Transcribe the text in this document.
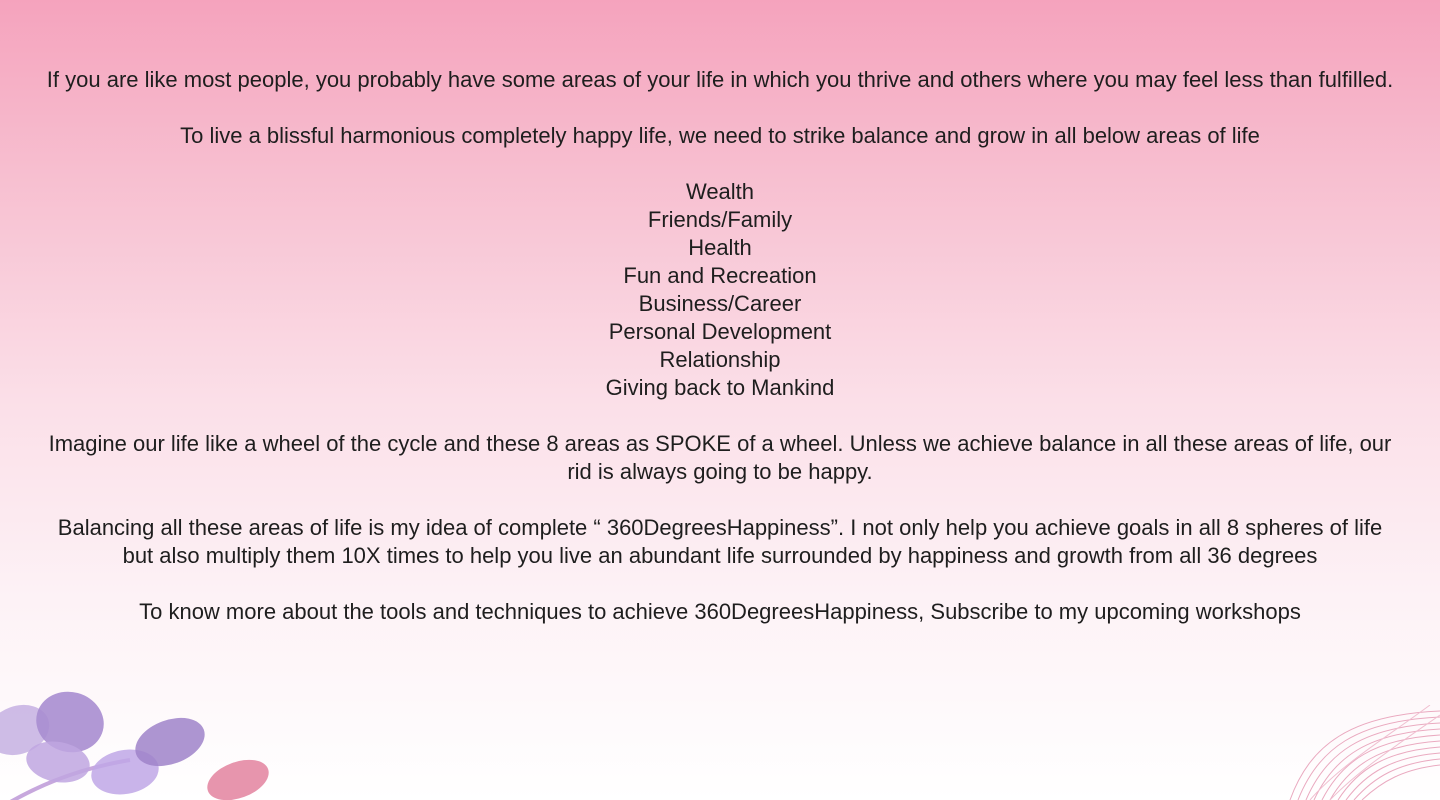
If you are like most people, you probably have some areas of your life in which you thrive and others where you may feel less than fulfilled.

To live a blissful harmonious completely happy life, we need to strike balance and grow in all below areas of life

Wealth
Friends/Family
Health
Fun and Recreation
Business/Career
Personal Development
Relationship
Giving back to Mankind

Imagine our life like a wheel of the cycle and these 8 areas as SPOKE of a wheel. Unless we achieve balance in all these areas of life, our rid is always going to be happy.

Balancing all these areas of life is my idea of complete “ 360DegreesHappiness”. I not only help you achieve goals in all 8 spheres of life but also multiply them 10X times to help you live an abundant life surrounded by happiness and growth from all 36 degrees

To know more about the tools and techniques to achieve 360DegreesHappiness, Subscribe to my upcoming workshops
